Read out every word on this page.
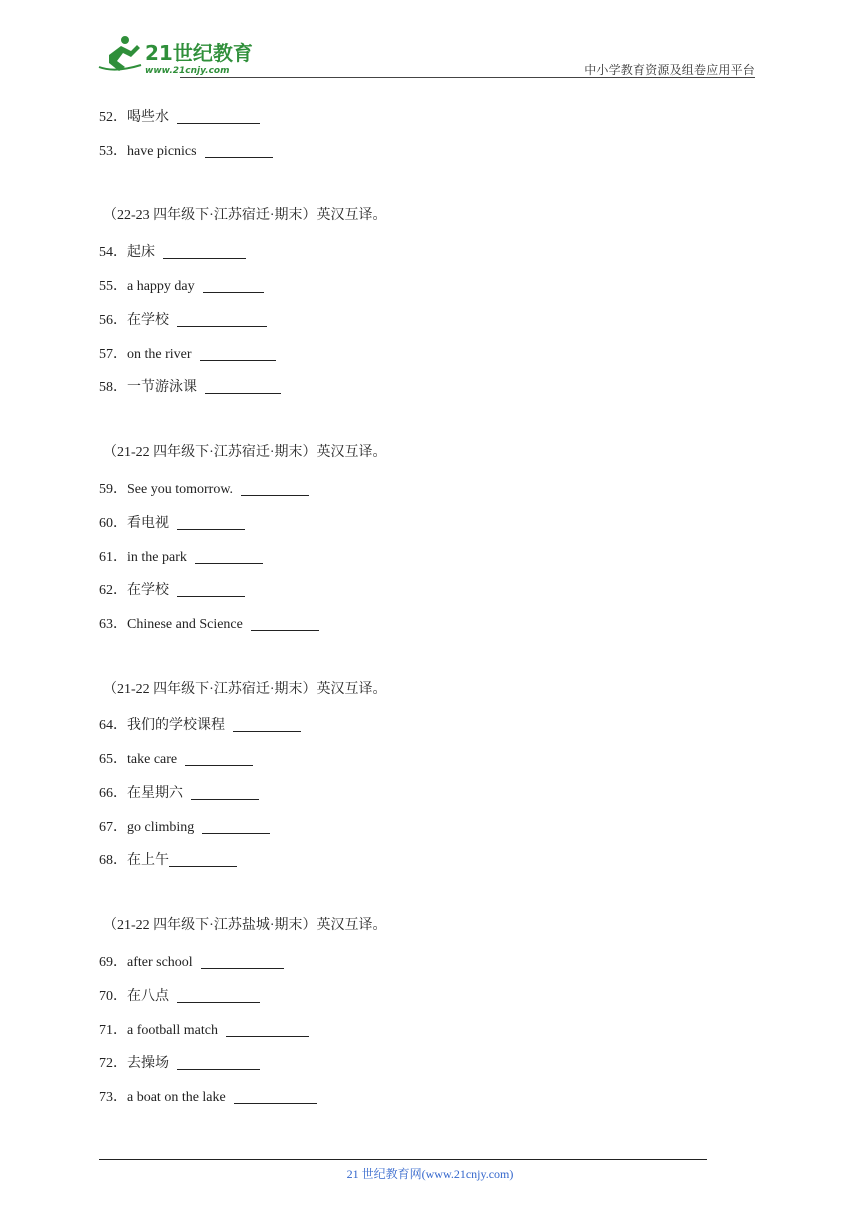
21世纪教育
www.21cnjy.com	中小学教育资源及组卷应用平台
52．喝些水
53．have picnics
（22-23 四年级下·江苏宿迁·期末）英汉互译。
54．起床
55．a happy day
56．在学校
57．on the river
58．一节游泳课
（21-22 四年级下·江苏宿迁·期末）英汉互译。
59．See you tomorrow.
60．看电视
61．in the park
62．在学校
63．Chinese and Science
（21-22 四年级下·江苏宿迁·期末）英汉互译。
64．我们的学校课程
65．take care
66．在星期六
67．go climbing
68．在上午
（21-22 四年级下·江苏盐城·期末）英汉互译。
69．after school
70．在八点
71．a football match
72．去操场
73．a boat on the lake
21 世纪教育网(www.21cnjy.com)
